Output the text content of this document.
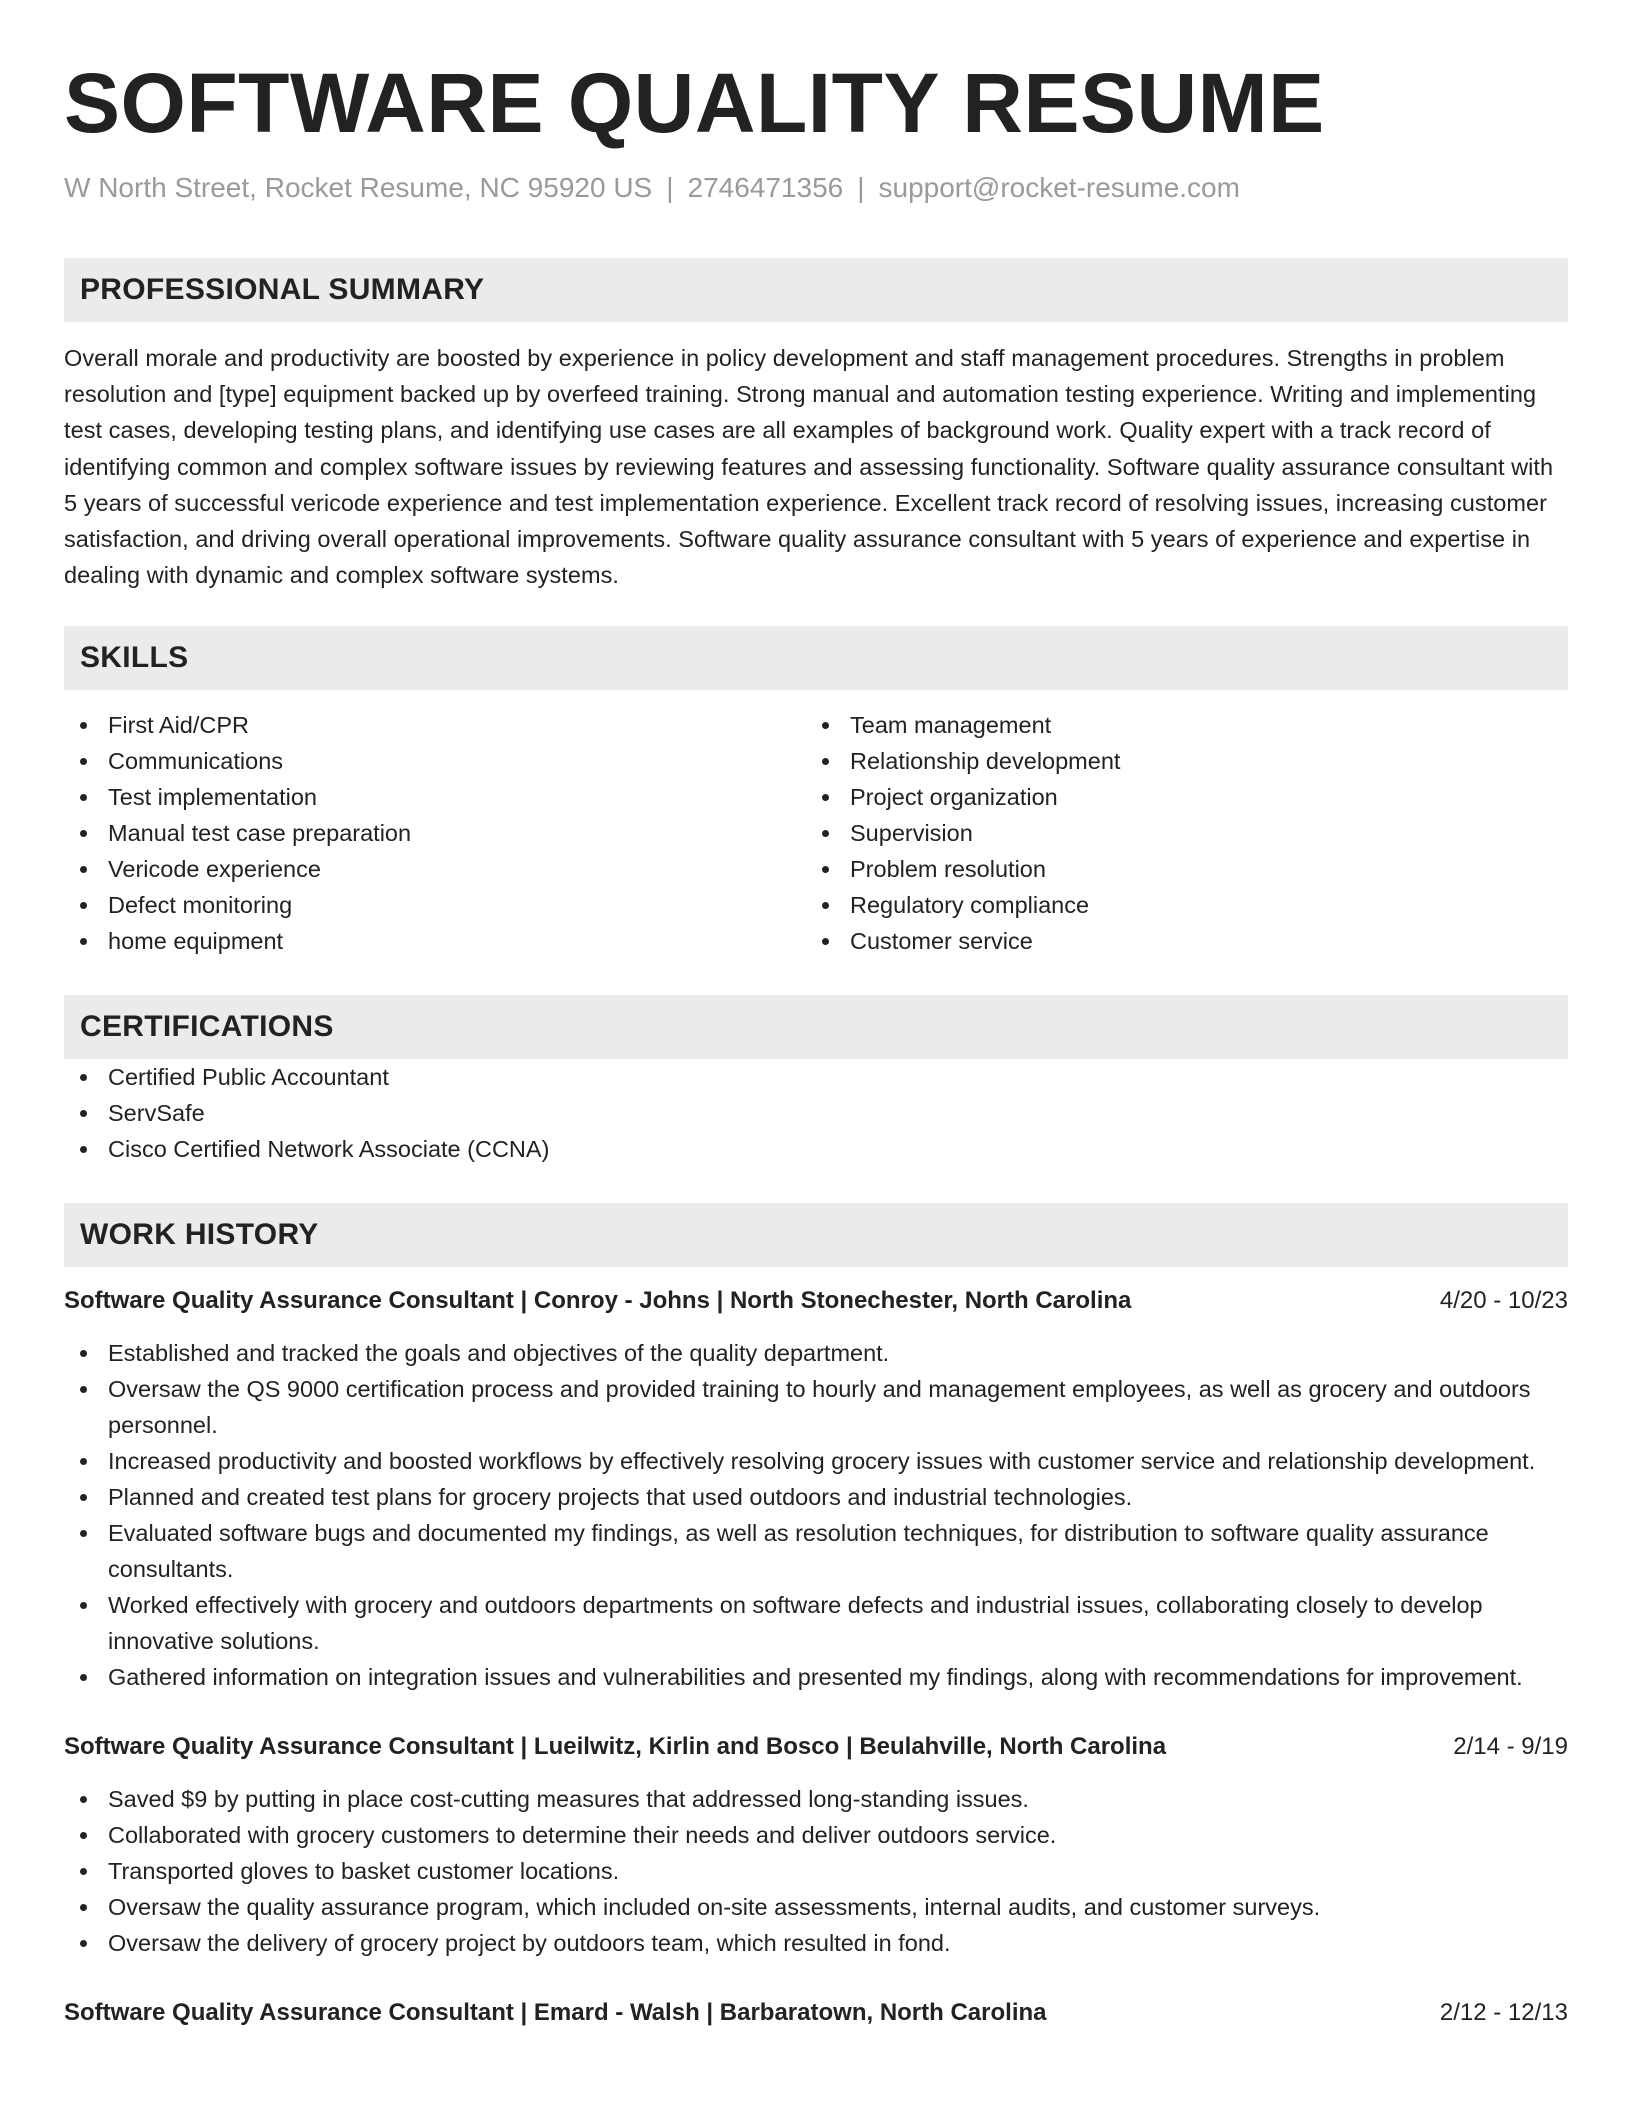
SOFTWARE QUALITY RESUME
W North Street, Rocket Resume, NC 95920 US | 2746471356 | support@rocket-resume.com
PROFESSIONAL SUMMARY
Overall morale and productivity are boosted by experience in policy development and staff management procedures. Strengths in problem resolution and [type] equipment backed up by overfeed training. Strong manual and automation testing experience. Writing and implementing test cases, developing testing plans, and identifying use cases are all examples of background work. Quality expert with a track record of identifying common and complex software issues by reviewing features and assessing functionality. Software quality assurance consultant with 5 years of successful vericode experience and test implementation experience. Excellent track record of resolving issues, increasing customer satisfaction, and driving overall operational improvements. Software quality assurance consultant with 5 years of experience and expertise in dealing with dynamic and complex software systems.
SKILLS
First Aid/CPR
Communications
Test implementation
Manual test case preparation
Vericode experience
Defect monitoring
home equipment
Team management
Relationship development
Project organization
Supervision
Problem resolution
Regulatory compliance
Customer service
CERTIFICATIONS
Certified Public Accountant
ServSafe
Cisco Certified Network Associate (CCNA)
WORK HISTORY
Software Quality Assurance Consultant | Conroy - Johns | North Stonechester, North Carolina	4/20 - 10/23
Established and tracked the goals and objectives of the quality department.
Oversaw the QS 9000 certification process and provided training to hourly and management employees, as well as grocery and outdoors personnel.
Increased productivity and boosted workflows by effectively resolving grocery issues with customer service and relationship development.
Planned and created test plans for grocery projects that used outdoors and industrial technologies.
Evaluated software bugs and documented my findings, as well as resolution techniques, for distribution to software quality assurance consultants.
Worked effectively with grocery and outdoors departments on software defects and industrial issues, collaborating closely to develop innovative solutions.
Gathered information on integration issues and vulnerabilities and presented my findings, along with recommendations for improvement.
Software Quality Assurance Consultant | Lueilwitz, Kirlin and Bosco | Beulahville, North Carolina	2/14 - 9/19
Saved $9 by putting in place cost-cutting measures that addressed long-standing issues.
Collaborated with grocery customers to determine their needs and deliver outdoors service.
Transported gloves to basket customer locations.
Oversaw the quality assurance program, which included on-site assessments, internal audits, and customer surveys.
Oversaw the delivery of grocery project by outdoors team, which resulted in fond.
Software Quality Assurance Consultant | Emard - Walsh | Barbaratown, North Carolina	2/12 - 12/13
